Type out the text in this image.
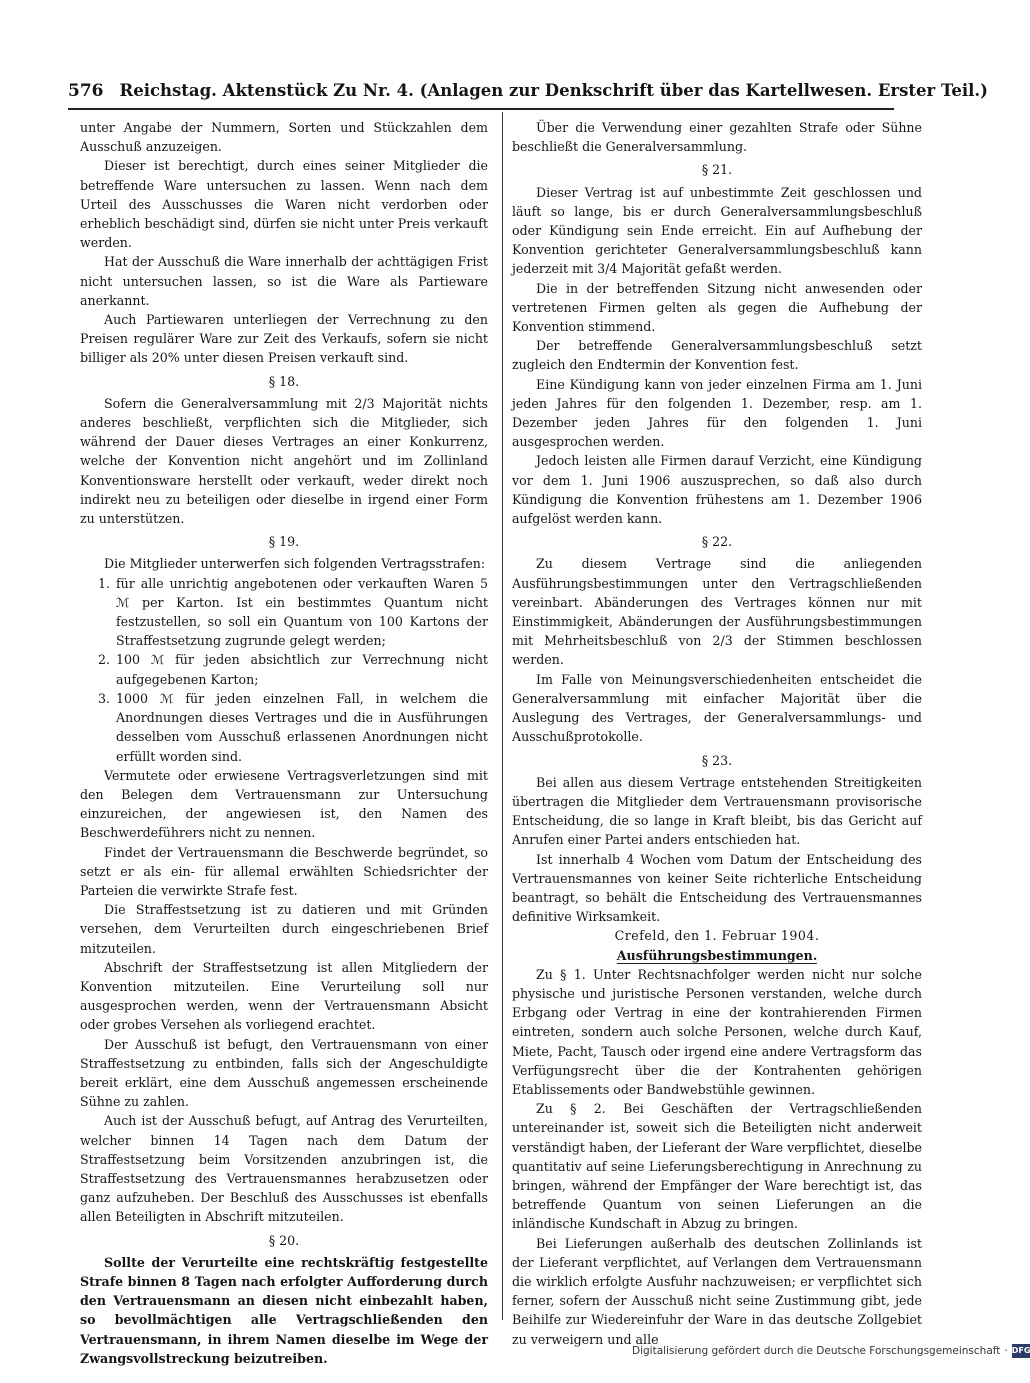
576 Reichstag. Aktenstück Zu Nr. 4. (Anlagen zur Denkschrift über das Kartellwesen. Erster Teil.)

unter Angabe der Nummern, Sorten und Stückzahlen dem Ausschuß anzuzeigen.

Dieser ist berechtigt, durch eines seiner Mitglieder die betreffende Ware untersuchen zu lassen. Wenn nach dem Urteil des Ausschusses die Waren nicht verdorben oder erheblich beschädigt sind, dürfen sie nicht unter Preis verkauft werden.

Hat der Ausschuß die Ware innerhalb der achttägigen Frist nicht untersuchen lassen, so ist die Ware als Partieware anerkannt.

Auch Partiewaren unterliegen der Verrechnung zu den Preisen regulärer Ware zur Zeit des Verkaufs, sofern sie nicht billiger als 20% unter diesen Preisen verkauft sind.

§ 18.

Sofern die Generalversammlung mit 2/3 Majorität nichts anderes beschließt, verpflichten sich die Mitglieder, sich während der Dauer dieses Vertrages an einer Konkurrenz, welche der Konvention nicht angehört und im Zollinland Konventionsware herstellt oder verkauft, weder direkt noch indirekt neu zu beteiligen oder dieselbe in irgend einer Form zu unterstützen.

§ 19.

Die Mitglieder unterwerfen sich folgenden Vertragsstrafen:

1. für alle unrichtig angebotenen oder verkauften Waren 5 ℳ per Karton. Ist ein bestimmtes Quantum nicht festzustellen, so soll ein Quantum von 100 Kartons der Straffestsetzung zugrunde gelegt werden;
2. 100 ℳ für jeden absichtlich zur Verrechnung nicht aufgegebenen Karton;
3. 1000 ℳ für jeden einzelnen Fall, in welchem die Anordnungen dieses Vertrages und die in Ausführungen desselben vom Ausschuß erlassenen Anordnungen nicht erfüllt worden sind.

Vermutete oder erwiesene Vertragsverletzungen sind mit den Belegen dem Vertrauensmann zur Untersuchung einzureichen, der angewiesen ist, den Namen des Beschwerdeführers nicht zu nennen.

Findet der Vertrauensmann die Beschwerde begründet, so setzt er als ein- für allemal erwählten Schiedsrichter der Parteien die verwirkte Strafe fest.

Die Straffestsetzung ist zu datieren und mit Gründen versehen, dem Verurteilten durch eingeschriebenen Brief mitzuteilen.

Abschrift der Straffestsetzung ist allen Mitgliedern der Konvention mitzuteilen. Eine Verurteilung soll nur ausgesprochen werden, wenn der Vertrauensmann Absicht oder grobes Versehen als vorliegend erachtet.

Der Ausschuß ist befugt, den Vertrauensmann von einer Straffestsetzung zu entbinden, falls sich der Angeschuldigte bereit erklärt, eine dem Ausschuß angemessen erscheinende Sühne zu zahlen.

Auch ist der Ausschuß befugt, auf Antrag des Verurteilten, welcher binnen 14 Tagen nach dem Datum der Straffestsetzung beim Vorsitzenden anzubringen ist, die Straffestsetzung des Vertrauensmannes herabzusetzen oder ganz aufzuheben. Der Beschluß des Ausschusses ist ebenfalls allen Beteiligten in Abschrift mitzuteilen.

§ 20.

Sollte der Verurteilte eine rechtskräftig festgestellte Strafe binnen 8 Tagen nach erfolgter Aufforderung durch den Vertrauensmann an diesen nicht einbezahlt haben, so bevollmächtigen alle Vertragschließenden den Vertrauensmann, in ihrem Namen dieselbe im Wege der Zwangsvollstreckung beizutreiben.

Über die Verwendung einer gezahlten Strafe oder Sühne beschließt die Generalversammlung.

§ 21.

Dieser Vertrag ist auf unbestimmte Zeit geschlossen und läuft so lange, bis er durch Generalversammlungsbeschluß oder Kündigung sein Ende erreicht. Ein auf Aufhebung der Konvention gerichteter Generalversammlungsbeschluß kann jederzeit mit 3/4 Majorität gefaßt werden.

Die in der betreffenden Sitzung nicht anwesenden oder vertretenen Firmen gelten als gegen die Aufhebung der Konvention stimmend.

Der betreffende Generalversammlungsbeschluß setzt zugleich den Endtermin der Konvention fest.

Eine Kündigung kann von jeder einzelnen Firma am 1. Juni jeden Jahres für den folgenden 1. Dezember, resp. am 1. Dezember jeden Jahres für den folgenden 1. Juni ausgesprochen werden.

Jedoch leisten alle Firmen darauf Verzicht, eine Kündigung vor dem 1. Juni 1906 auszusprechen, so daß also durch Kündigung die Konvention frühestens am 1. Dezember 1906 aufgelöst werden kann.

§ 22.

Zu diesem Vertrage sind die anliegenden Ausführungsbestimmungen unter den Vertragschließenden vereinbart. Abänderungen des Vertrages können nur mit Einstimmigkeit, Abänderungen der Ausführungsbestimmungen mit Mehrheitsbeschluß von 2/3 der Stimmen beschlossen werden.

Im Falle von Meinungsverschiedenheiten entscheidet die Generalversammlung mit einfacher Majorität über die Auslegung des Vertrages, der Generalversammlungs- und Ausschußprotokolle.

§ 23.

Bei allen aus diesem Vertrage entstehenden Streitigkeiten übertragen die Mitglieder dem Vertrauensmann provisorische Entscheidung, die so lange in Kraft bleibt, bis das Gericht auf Anrufen einer Partei anders entschieden hat.

Ist innerhalb 4 Wochen vom Datum der Entscheidung des Vertrauensmannes von keiner Seite richterliche Entscheidung beantragt, so behält die Entscheidung des Vertrauensmannes definitive Wirksamkeit.

Crefeld, den 1. Februar 1904.

Ausführungsbestimmungen.

Zu § 1. Unter Rechtsnachfolger werden nicht nur solche physische und juristische Personen verstanden, welche durch Erbgang oder Vertrag in eine der kontrahierenden Firmen eintreten, sondern auch solche Personen, welche durch Kauf, Miete, Pacht, Tausch oder irgend eine andere Vertragsform das Verfügungsrecht über die der Kontrahenten gehörigen Etablissements oder Bandwebstühle gewinnen.

Zu § 2. Bei Geschäften der Vertragschließenden untereinander ist, soweit sich die Beteiligten nicht anderweit verständigt haben, der Lieferant der Ware verpflichtet, dieselbe quantitativ auf seine Lieferungsberechtigung in Anrechnung zu bringen, während der Empfänger der Ware berechtigt ist, das betreffende Quantum von seinen Lieferungen an die inländische Kundschaft in Abzug zu bringen.

Bei Lieferungen außerhalb des deutschen Zollinlands ist der Lieferant verpflichtet, auf Verlangen dem Vertrauensmann die wirklich erfolgte Ausfuhr nachzuweisen; er verpflichtet sich ferner, sofern der Ausschuß nicht seine Zustimmung gibt, jede Beihilfe zur Wiedereinfuhr der Ware in das deutsche Zollgebiet zu verweigern und alle

Digitalisierung gefördert durch die Deutsche Forschungsgemeinschaft · DFG
